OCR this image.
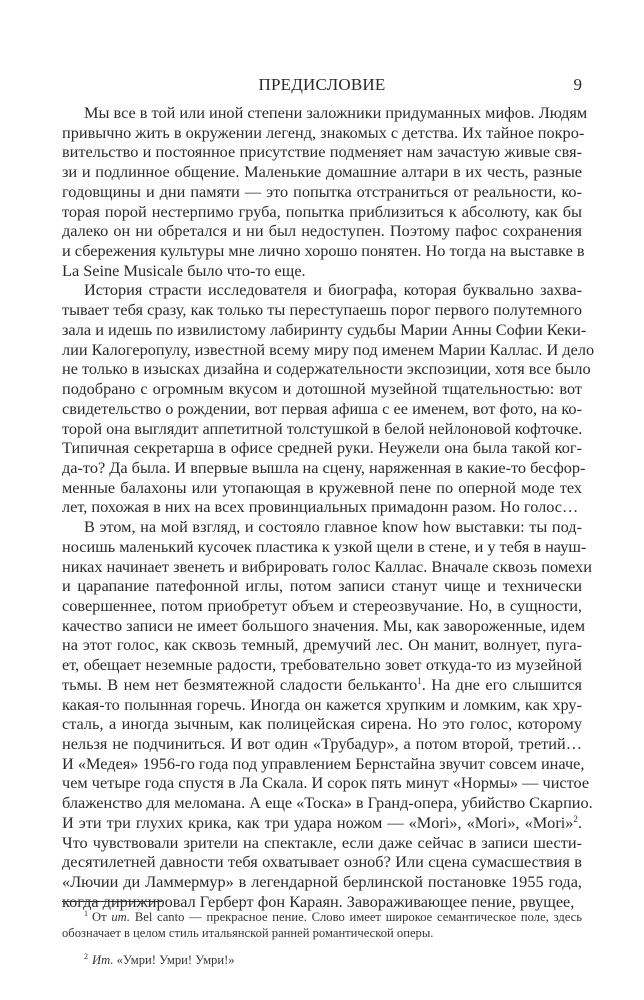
ПРЕДИСЛОВИЕ	9
Мы все в той или иной степени заложники придуманных мифов. Людям
привычно жить в окружении легенд, знакомых с детства. Их тайное покро-
вительство и постоянное присутствие подменяет нам зачастую живые свя-
зи и подлинное общение. Маленькие домашние алтари в их честь, разные
годовщины и дни памяти — это попытка отстраниться от реальности, ко-
торая порой нестерпимо груба, попытка приблизиться к абсолюту, как бы
далеко он ни обретался и ни был недоступен. Поэтому пафос сохранения
и сбережения культуры мне лично хорошо понятен. Но тогда на выставке в
La Seine Musicale было что-то еще.
История страсти исследователя и биографа, которая буквально захва-
тывает тебя сразу, как только ты переступаешь порог первого полутемного
зала и идешь по извилистому лабиринту судьбы Марии Анны Софии Кеки-
лии Калогеропулу, известной всему миру под именем Марии Каллас. И дело
не только в изысках дизайна и содержательности экспозиции, хотя все было
подобрано с огромным вкусом и дотошной музейной тщательностью: вот
свидетельство о рождении, вот первая афиша с ее именем, вот фото, на ко-
торой она выглядит аппетитной толстушкой в белой нейлоновой кофточке.
Типичная секретарша в офисе средней руки. Неужели она была такой ког-
да-то? Да была. И впервые вышла на сцену, наряженная в какие-то бесфор-
менные балахоны или утопающая в кружевной пене по оперной моде тех
лет, похожая в них на всех провинциальных примадонн разом. Но голос…
В этом, на мой взгляд, и состояло главное know how выставки: ты под-
носишь маленький кусочек пластика к узкой щели в стене, и у тебя в науш-
никах начинает звенеть и вибрировать голос Каллас. Вначале сквозь помехи
и царапание патефонной иглы, потом записи станут чище и технически
совершеннее, потом приобретут объем и стереозвучание. Но, в сущности,
качество записи не имеет большого значения. Мы, как завороженные, идем
на этот голос, как сквозь темный, дремучий лес. Он манит, волнует, пуга-
ет, обещает неземные радости, требовательно зовет откуда-то из музейной
тьмы. В нем нет безмятежной сладости бельканто$^1$. На дне его слышится
какая-то полынная горечь. Иногда он кажется хрупким и ломким, как хру-
сталь, а иногда зычным, как полицейская сирена. Но это голос, которому
нельзя не подчиниться. И вот один «Трубадур», а потом второй, третий…
И «Медея» 1956-го года под управлением Бернстайна звучит совсем иначе,
чем четыре года спустя в Ла Скала. И сорок пять минут «Нормы» — чистое
блаженство для меломана. А еще «Тоска» в Гранд-опера, убийство Скарпио.
И эти три глухих крика, как три удара ножом — «Mori», «Mori», «Mori»$^2$.
Что чувствовали зрители на спектакле, если даже сейчас в записи шести-
десятилетней давности тебя охватывает озноб? Или сцена сумасшествия в
«Лючии ди Ламмермур» в легендарной берлинской постановке 1955 года,
когда дирижировал Герберт фон Караян. Завораживающее пение, рвущее,
$^1$ От ит. Bel canto — прекрасное пение. Слово имеет широкое семантическое поле, здесь
обозначает в целом стиль итальянской ранней романтической оперы.
$^2$ Ит. «Умри! Умри! Умри!»
